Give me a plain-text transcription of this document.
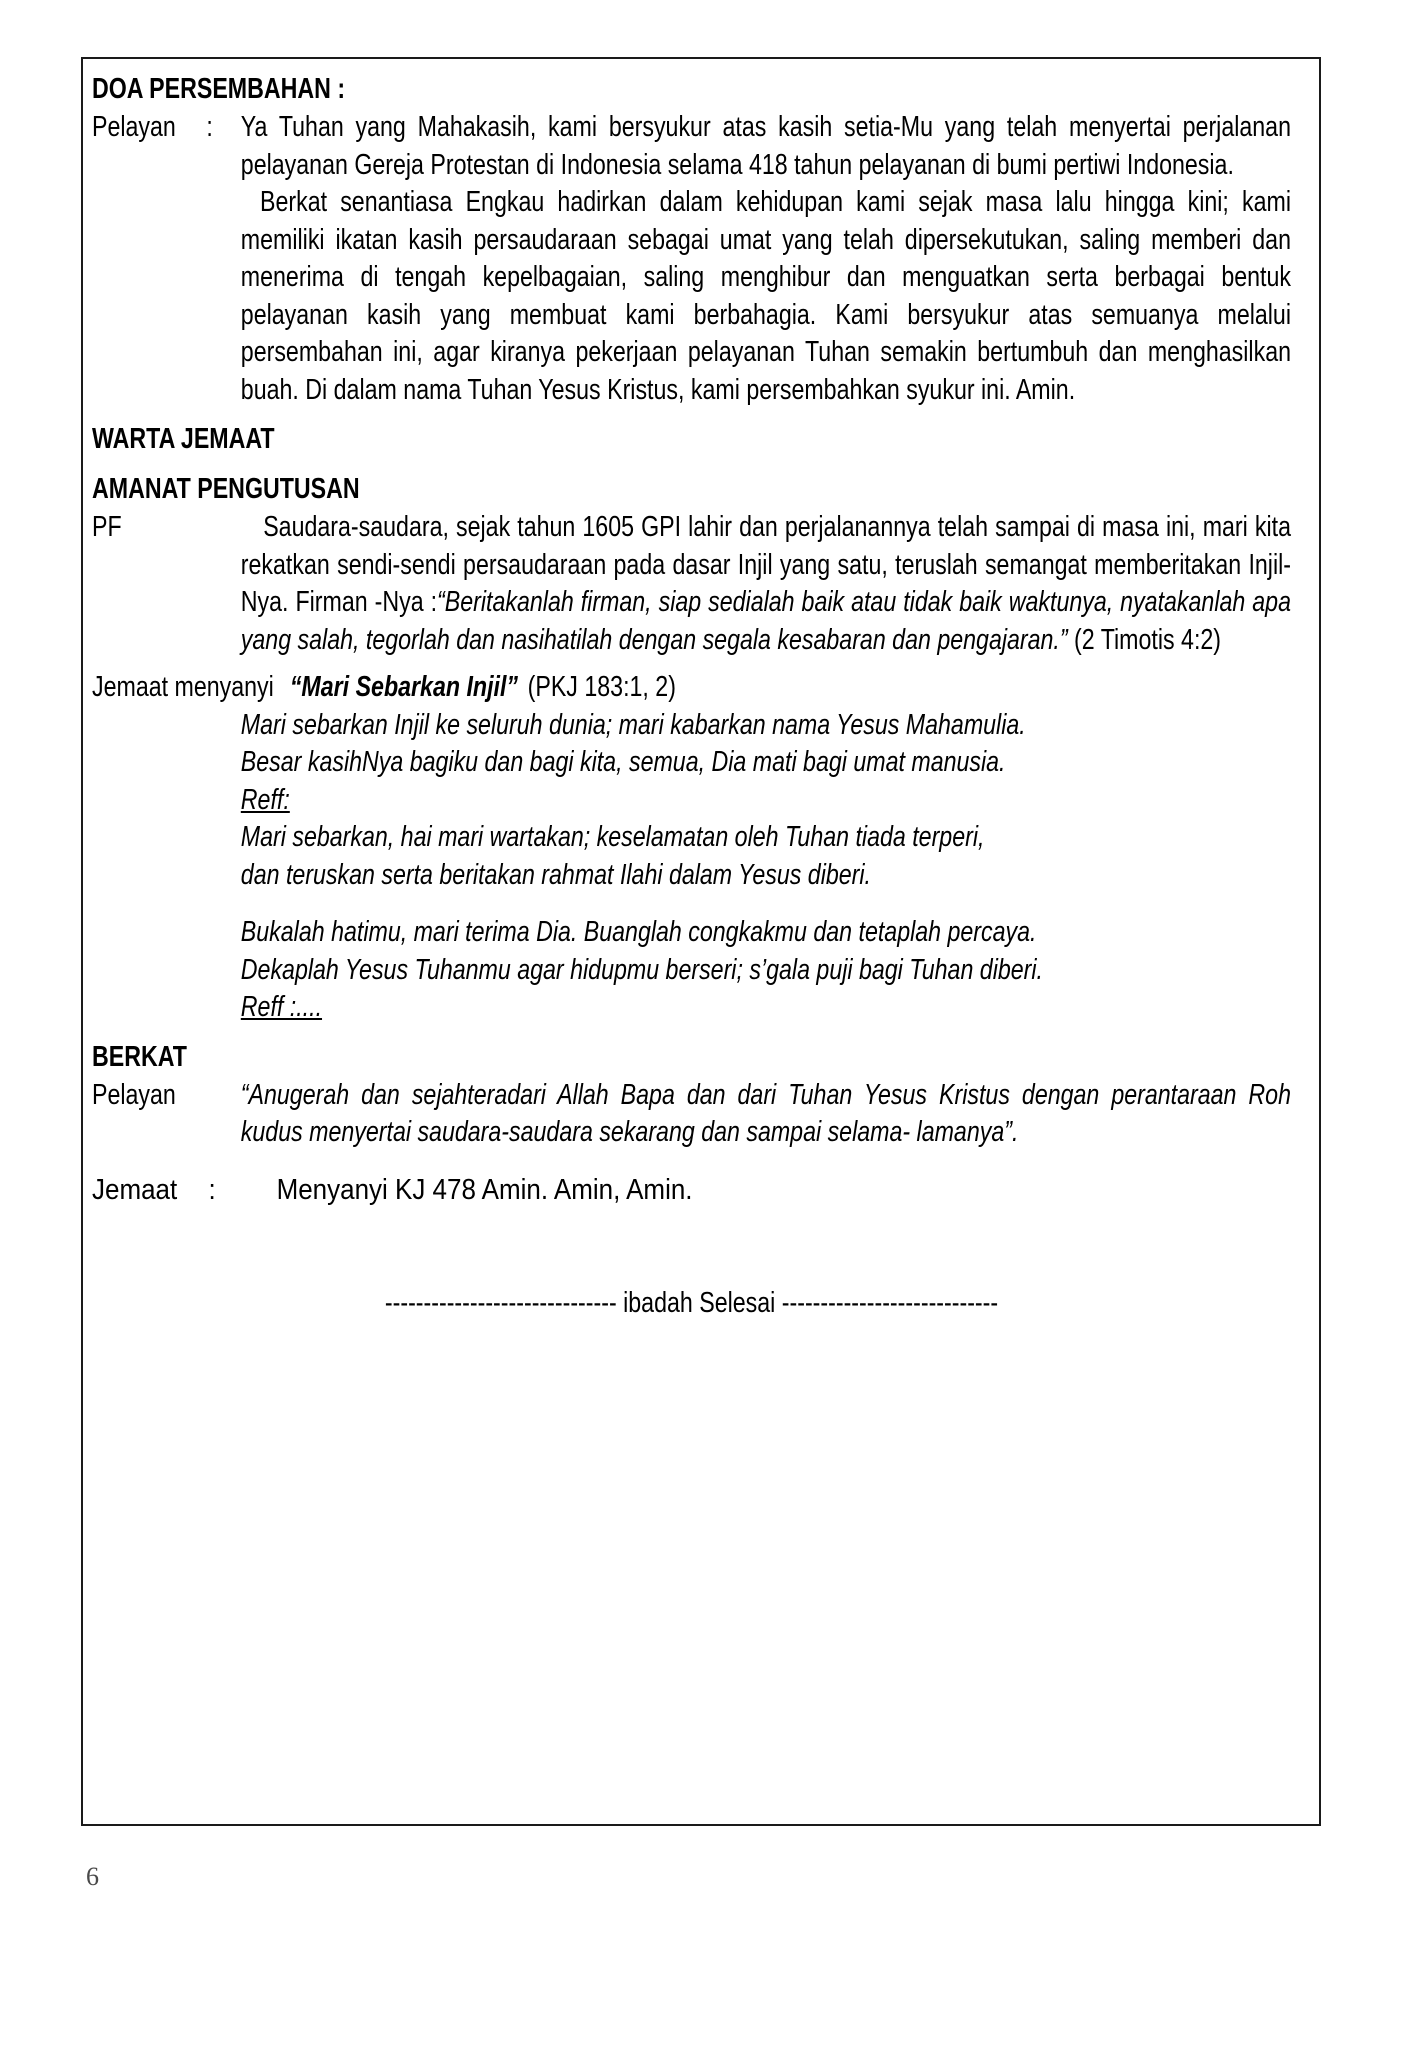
DOA PERSEMBAHAN :
Pelayan : Ya Tuhan yang Mahakasih, kami bersyukur atas kasih setia-Mu yang telah menyertai perjalanan pelayanan Gereja Protestan di Indonesia selama 418 tahun pelayanan di bumi pertiwi Indonesia.
Berkat senantiasa Engkau hadirkan dalam kehidupan kami sejak masa lalu hingga kini; kami memiliki ikatan kasih persaudaraan sebagai umat yang telah dipersekutukan, saling memberi dan menerima di tengah kepelbagaian, saling menghibur dan menguatkan serta berbagai bentuk pelayanan kasih yang membuat kami berbahagia. Kami bersyukur atas semuanya melalui persembahan ini, agar kiranya pekerjaan pelayanan Tuhan semakin bertumbuh dan menghasilkan buah. Di dalam nama Tuhan Yesus Kristus, kami persembahkan syukur ini. Amin.
WARTA JEMAAT
AMANAT PENGUTUSAN
PF	Saudara-saudara, sejak tahun 1605 GPI lahir dan perjalanannya telah sampai di masa ini, mari kita rekatkan sendi-sendi persaudaraan pada dasar Injil yang satu, teruslah semangat memberitakan Injil-Nya. Firman -Nya :“Beritakanlah firman, siap sedialah baik atau tidak baik waktunya, nyatakanlah apa yang salah, tegorlah dan nasihatilah dengan segala kesabaran dan pengajaran.” (2 Timotis 4:2)
Jemaat menyanyi “Mari Sebarkan Injil” (PKJ 183:1, 2)
Mari sebarkan Injil ke seluruh dunia; mari kabarkan nama Yesus Mahamulia.
Besar kasihNya bagiku dan bagi kita, semua, Dia mati bagi umat manusia.
Reff:
Mari sebarkan, hai mari wartakan; keselamatan oleh Tuhan tiada terperi,
dan teruskan serta beritakan rahmat Ilahi dalam Yesus diberi.
Bukalah hatimu, mari terima Dia. Buanglah congkakmu dan tetaplah percaya.
Dekaplah Yesus Tuhanmu agar hidupmu berseri; s’gala puji bagi Tuhan diberi.
Reff :....
BERKAT
Pelayan “Anugerah dan sejahteradari Allah Bapa dan dari Tuhan Yesus Kristus dengan perantaraan Roh kudus menyertai saudara-saudara sekarang dan sampai selama- lamanya”.
Jemaat :	Menyanyi KJ 478 Amin. Amin, Amin.
------------------------------ ibadah Selesai ----------------------------
6
